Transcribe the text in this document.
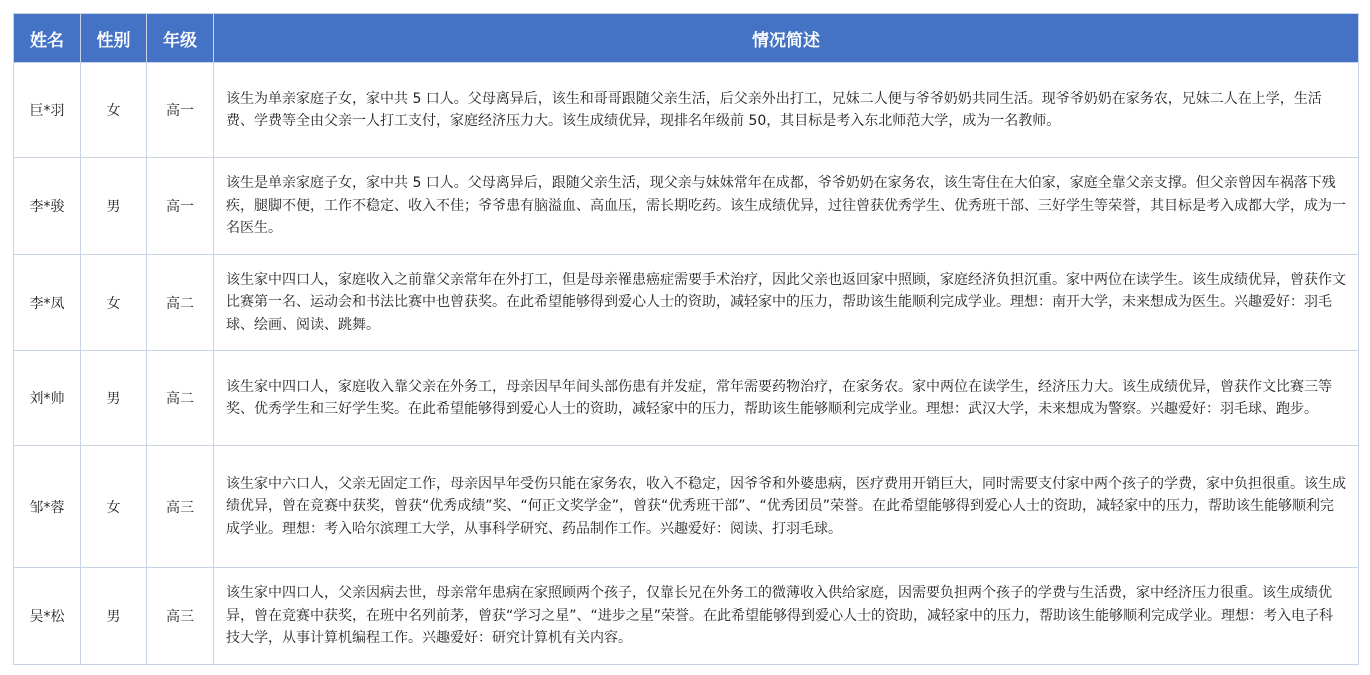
姓名	性别	年级	情况简述
巨*羽	女	高一	该生为单亲家庭子女，家中共 5 口人。父母离异后，该生和哥哥跟随父亲生活，后父亲外出打工，兄妹二人便与爷爷奶奶共同生活。现爷爷奶奶在家务农，兄妹二人在上学，生活费、学费等全由父亲一人打工支付，家庭经济压力大。该生成绩优异，现排名年级前 50，其目标是考入东北师范大学，成为一名教师。
李*骏	男	高一	该生是单亲家庭子女，家中共 5 口人。父母离异后，跟随父亲生活，现父亲与妹妹常年在成都，爷爷奶奶在家务农，该生寄住在大伯家，家庭全靠父亲支撑。但父亲曾因车祸落下残疾，腿脚不便，工作不稳定、收入不佳；爷爷患有脑溢血、高血压，需长期吃药。该生成绩优异，过往曾获优秀学生、优秀班干部、三好学生等荣誉，其目标是考入成都大学，成为一名医生。
李*凤	女	高二	该生家中四口人，家庭收入之前靠父亲常年在外打工，但是母亲罹患癌症需要手术治疗，因此父亲也返回家中照顾，家庭经济负担沉重。家中两位在读学生。该生成绩优异，曾获作文比赛第一名、运动会和书法比赛中也曾获奖。在此希望能够得到爱心人士的资助，减轻家中的压力，帮助该生能顺利完成学业。理想：南开大学，未来想成为医生。兴趣爱好：羽毛球、绘画、阅读、跳舞。
刘*帅	男	高二	该生家中四口人，家庭收入靠父亲在外务工，母亲因早年间头部伤患有并发症，常年需要药物治疗，在家务农。家中两位在读学生，经济压力大。该生成绩优异，曾获作文比赛三等奖、优秀学生和三好学生奖。在此希望能够得到爱心人士的资助，减轻家中的压力，帮助该生能够顺利完成学业。理想：武汉大学，未来想成为警察。兴趣爱好：羽毛球、跑步。
邹*蓉	女	高三	该生家中六口人，父亲无固定工作，母亲因早年受伤只能在家务农，收入不稳定，因爷爷和外婆患病，医疗费用开销巨大，同时需要支付家中两个孩子的学费，家中负担很重。该生成绩优异，曾在竞赛中获奖，曾获“优秀成绩”奖、“何正文奖学金”，曾获“优秀班干部”、“优秀团员”荣誉。在此希望能够得到爱心人士的资助，减轻家中的压力，帮助该生能够顺利完成学业。理想：考入哈尔滨理工大学，从事科学研究、药品制作工作。兴趣爱好：阅读、打羽毛球。
吴*松	男	高三	该生家中四口人，父亲因病去世，母亲常年患病在家照顾两个孩子，仅靠长兄在外务工的微薄收入供给家庭，因需要负担两个孩子的学费与生活费，家中经济压力很重。该生成绩优异，曾在竞赛中获奖，在班中名列前茅，曾获“学习之星”、“进步之星”荣誉。在此希望能够得到爱心人士的资助，减轻家中的压力，帮助该生能够顺利完成学业。理想：考入电子科技大学，从事计算机编程工作。兴趣爱好：研究计算机有关内容。
